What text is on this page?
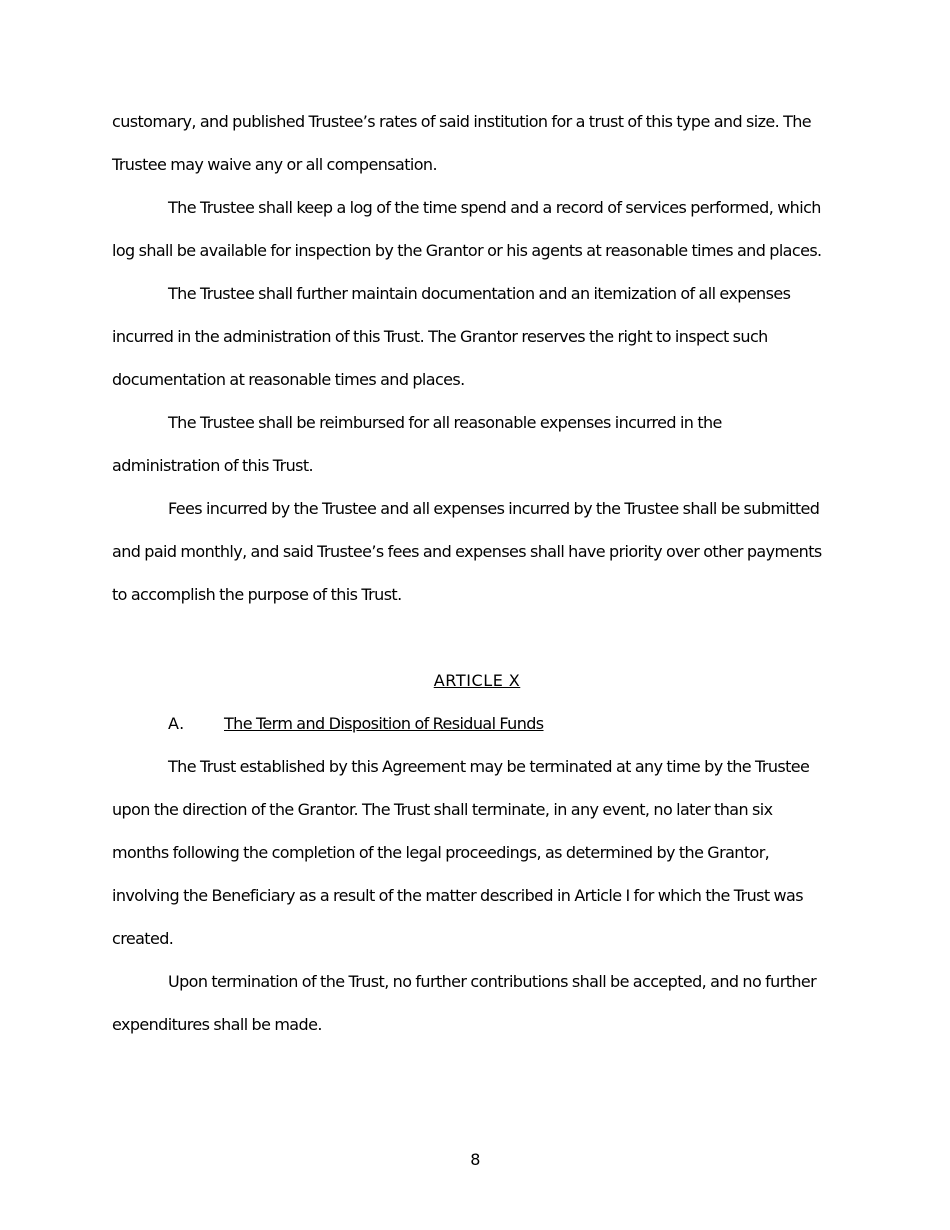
customary, and published Trustee’s rates of said institution for a trust of this type and size. The

Trustee may waive any or all compensation.

The Trustee shall keep a log of the time spend and a record of services performed, which

log shall be available for inspection by the Grantor or his agents at reasonable times and places.

The Trustee shall further maintain documentation and an itemization of all expenses

incurred in the administration of this Trust. The Grantor reserves the right to inspect such

documentation at reasonable times and places.

The Trustee shall be reimbursed for all reasonable expenses incurred in the

administration of this Trust.

Fees incurred by the Trustee and all expenses incurred by the Trustee shall be submitted

and paid monthly, and said Trustee’s fees and expenses shall have priority over other payments

to accomplish the purpose of this Trust.

ARTICLE X

A. The Term and Disposition of Residual Funds

The Trust established by this Agreement may be terminated at any time by the Trustee

upon the direction of the Grantor. The Trust shall terminate, in any event, no later than six

months following the completion of the legal proceedings, as determined by the Grantor,

involving the Beneficiary as a result of the matter described in Article I for which the Trust was

created.

Upon termination of the Trust, no further contributions shall be accepted, and no further

expenditures shall be made.

8
